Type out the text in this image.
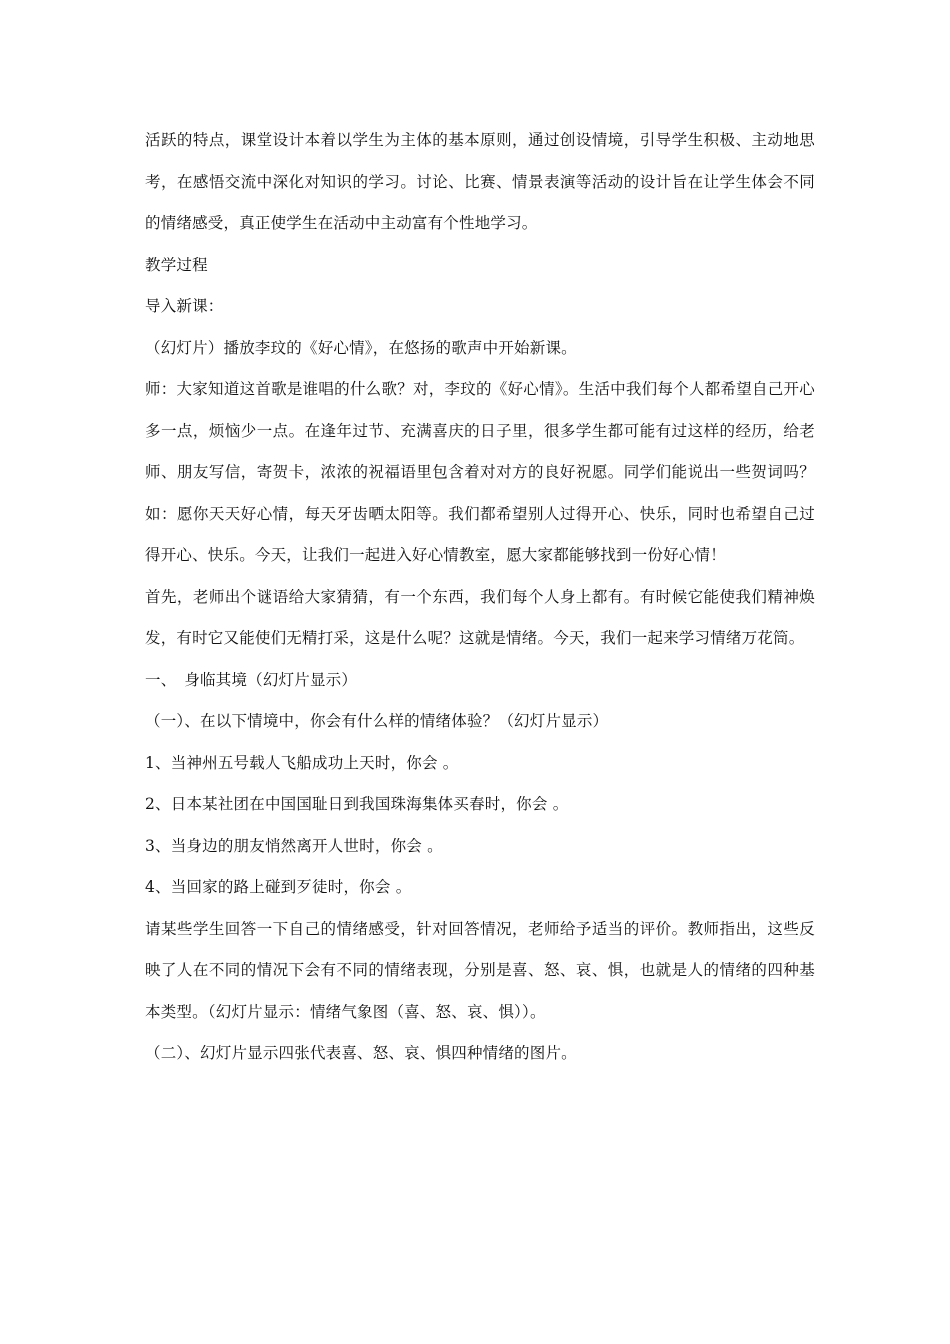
活跃的特点，课堂设计本着以学生为主体的基本原则，通过创设情境，引导学生积极、主动地思考，在感悟交流中深化对知识的学习。讨论、比赛、情景表演等活动的设计旨在让学生体会不同的情绪感受，真正使学生在活动中主动富有个性地学习。

教学过程

导入新课：

（幻灯片）播放李玟的《好心情》，在悠扬的歌声中开始新课。

师：大家知道这首歌是谁唱的什么歌？对，李玟的《好心情》。生活中我们每个人都希望自己开心多一点，烦恼少一点。在逢年过节、充满喜庆的日子里，很多学生都可能有过这样的经历，给老师、朋友写信，寄贺卡，浓浓的祝福语里包含着对对方的良好祝愿。同学们能说出一些贺词吗？如：愿你天天好心情，每天牙齿晒太阳等。我们都希望别人过得开心、快乐，同时也希望自己过得开心、快乐。今天，让我们一起进入好心情教室，愿大家都能够找到一份好心情！

首先，老师出个谜语给大家猜猜，有一个东西，我们每个人身上都有。有时候它能使我们精神焕发，有时它又能使们无精打采，这是什么呢？这就是情绪。今天，我们一起来学习情绪万花筒。

一、　身临其境（幻灯片显示）

（一）、在以下情境中，你会有什么样的情绪体验？（幻灯片显示）

1、当神州五号载人飞船成功上天时，你会 。

2、日本某社团在中国国耻日到我国珠海集体买春时，你会 。

3、当身边的朋友悄然离开人世时，你会 。

4、当回家的路上碰到歹徒时，你会 。

请某些学生回答一下自己的情绪感受，针对回答情况，老师给予适当的评价。教师指出，这些反映了人在不同的情况下会有不同的情绪表现，分别是喜、怒、哀、惧，也就是人的情绪的四种基本类型。（幻灯片显示：情绪气象图（喜、怒、哀、惧））。

（二）、幻灯片显示四张代表喜、怒、哀、惧四种情绪的图片。
